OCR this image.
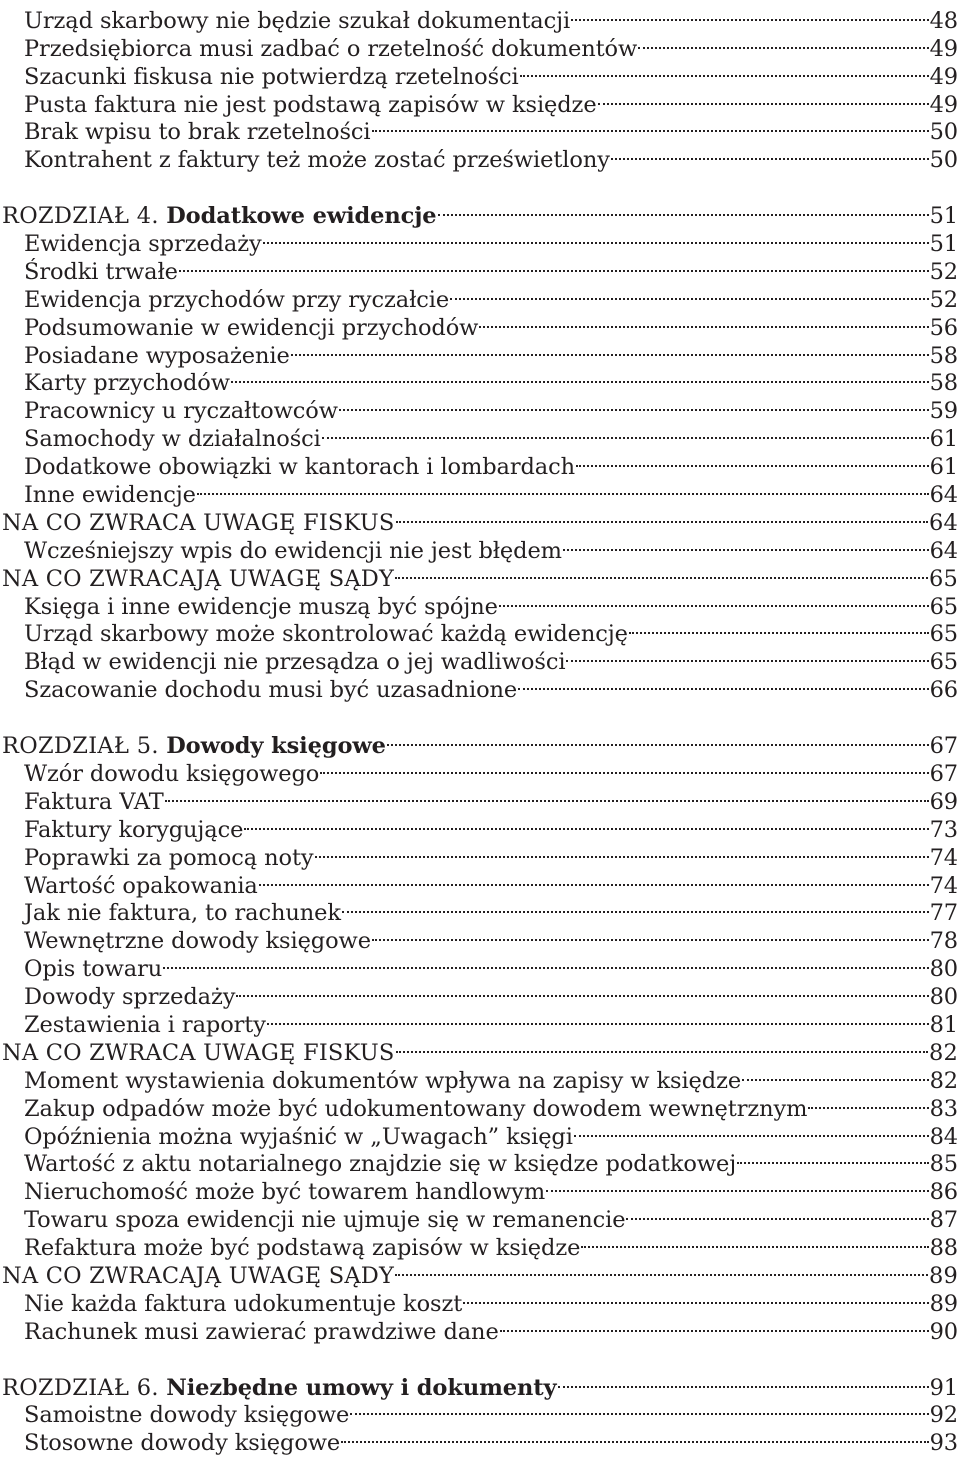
Urząd skarbowy nie będzie szukał dokumentacji	48
Przedsiębiorca musi zadbać o rzetelność dokumentów	49
Szacunki fiskusa nie potwierdzą rzetelności	49
Pusta faktura nie jest podstawą zapisów w księdze	49
Brak wpisu to brak rzetelności	50
Kontrahent z faktury też może zostać prześwietlony	50
ROZDZIAŁ 4. Dodatkowe ewidencje	51
Ewidencja sprzedaży	51
Środki trwałe	52
Ewidencja przychodów przy ryczałcie	52
Podsumowanie w ewidencji przychodów	56
Posiadane wyposażenie	58
Karty przychodów	58
Pracownicy u ryczałtowców	59
Samochody w działalności	61
Dodatkowe obowiązki w kantorach i lombardach	61
Inne ewidencje	64
NA CO ZWRACA UWAGĘ FISKUS	64
Wcześniejszy wpis do ewidencji nie jest błędem	64
NA CO ZWRACAJĄ UWAGĘ SĄDY	65
Księga i inne ewidencje muszą być spójne	65
Urząd skarbowy może skontrolować każdą ewidencję	65
Błąd w ewidencji nie przesądza o jej wadliwości	65
Szacowanie dochodu musi być uzasadnione	66
ROZDZIAŁ 5. Dowody księgowe	67
Wzór dowodu księgowego	67
Faktura VAT	69
Faktury korygujące	73
Poprawki za pomocą noty	74
Wartość opakowania	74
Jak nie faktura, to rachunek	77
Wewnętrzne dowody księgowe	78
Opis towaru	80
Dowody sprzedaży	80
Zestawienia i raporty	81
NA CO ZWRACA UWAGĘ FISKUS	82
Moment wystawienia dokumentów wpływa na zapisy w księdze	82
Zakup odpadów może być udokumentowany dowodem wewnętrznym	83
Opóźnienia można wyjaśnić w „Uwagach” księgi	84
Wartość z aktu notarialnego znajdzie się w księdze podatkowej	85
Nieruchomość może być towarem handlowym	86
Towaru spoza ewidencji nie ujmuje się w remanencie	87
Refaktura może być podstawą zapisów w księdze	88
NA CO ZWRACAJĄ UWAGĘ SĄDY	89
Nie każda faktura udokumentuje koszt	89
Rachunek musi zawierać prawdziwe dane	90
ROZDZIAŁ 6. Niezbędne umowy i dokumenty	91
Samoistne dowody księgowe	92
Stosowne dowody księgowe	93
